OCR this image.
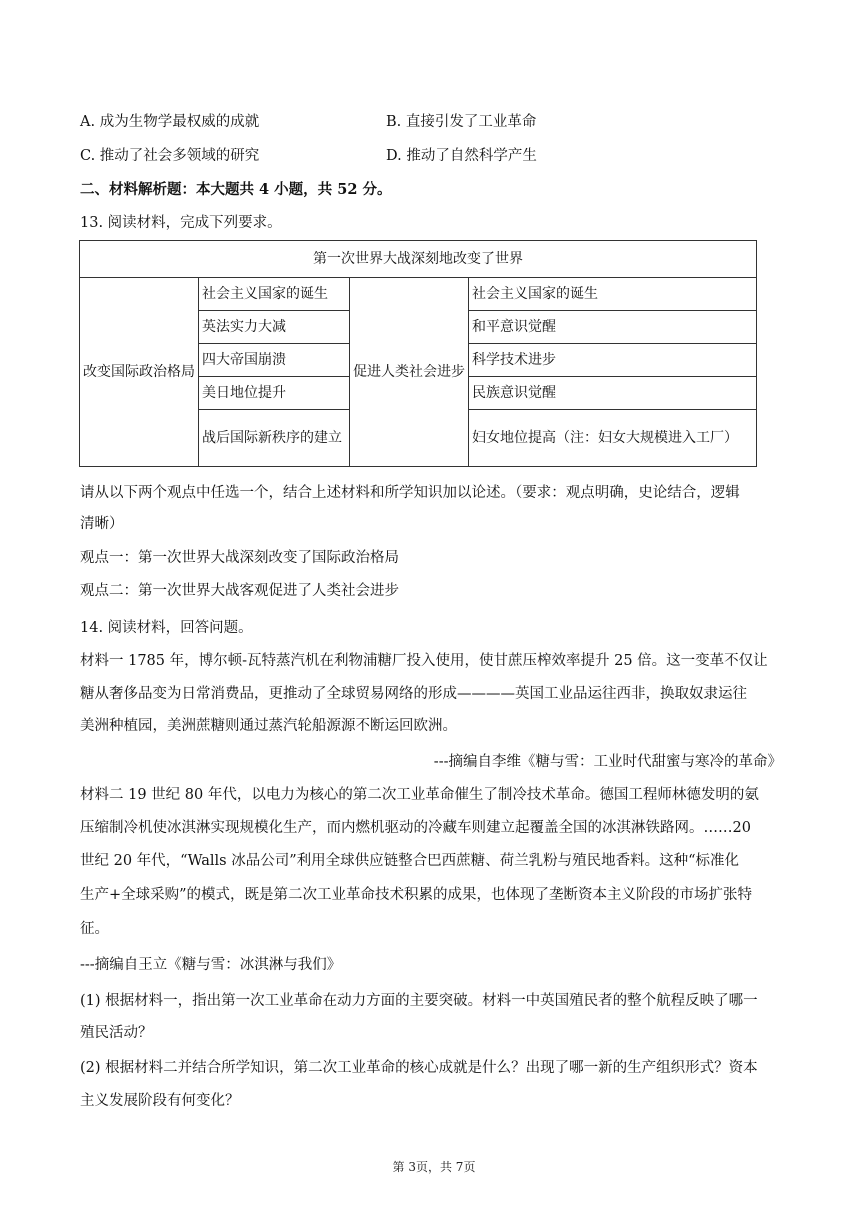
A. 成为生物学最权威的成就	B. 直接引发了工业革命
C. 推动了社会多领域的研究	D. 推动了自然科学产生
二、材料解析题：本大题共 4 小题，共 52 分。
13. 阅读材料，完成下列要求。
第一次世界大战深刻地改变了世界			
改变国际政治格局	社会主义国家的诞生	促进人类社会进步	社会主义国家的诞生
	英法实力大减		和平意识觉醒
	四大帝国崩溃		科学技术进步
	美日地位提升		民族意识觉醒
	战后国际新秩序的建立		妇女地位提高（注：妇女大规模进入工厂）
请从以下两个观点中任选一个，结合上述材料和所学知识加以论述。（要求：观点明确，史论结合，逻辑
清晰）
观点一：第一次世界大战深刻改变了国际政治格局
观点二：第一次世界大战客观促进了人类社会进步
14. 阅读材料，回答问题。
材料一 1785 年，博尔顿-瓦特蒸汽机在利物浦糖厂投入使用，使甘蔗压榨效率提升 25 倍。这一变革不仅让
糖从奢侈品变为日常消费品，更推动了全球贸易网络的形成————英国工业品运往西非，换取奴隶运往
美洲种植园，美洲蔗糖则通过蒸汽轮船源源不断运回欧洲。
---摘编自李维《糖与雪：工业时代甜蜜与寒冷的革命》
材料二 19 世纪 80 年代，以电力为核心的第二次工业革命催生了制冷技术革命。德国工程师林德发明的氨
压缩制冷机使冰淇淋实现规模化生产，而内燃机驱动的冷藏车则建立起覆盖全国的冰淇淋铁路网。……20
世纪 20 年代，“Walls 冰品公司”利用全球供应链整合巴西蔗糖、荷兰乳粉与殖民地香料。这种“标准化
生产+全球采购”的模式，既是第二次工业革命技术积累的成果，也体现了垄断资本主义阶段的市场扩张特
征。
---摘编自王立《糖与雪：冰淇淋与我们》
(1) 根据材料一，指出第一次工业革命在动力方面的主要突破。材料一中英国殖民者的整个航程反映了哪一
殖民活动？
(2) 根据材料二并结合所学知识，第二次工业革命的核心成就是什么？出现了哪一新的生产组织形式？资本
主义发展阶段有何变化？
第 3页，共 7页
